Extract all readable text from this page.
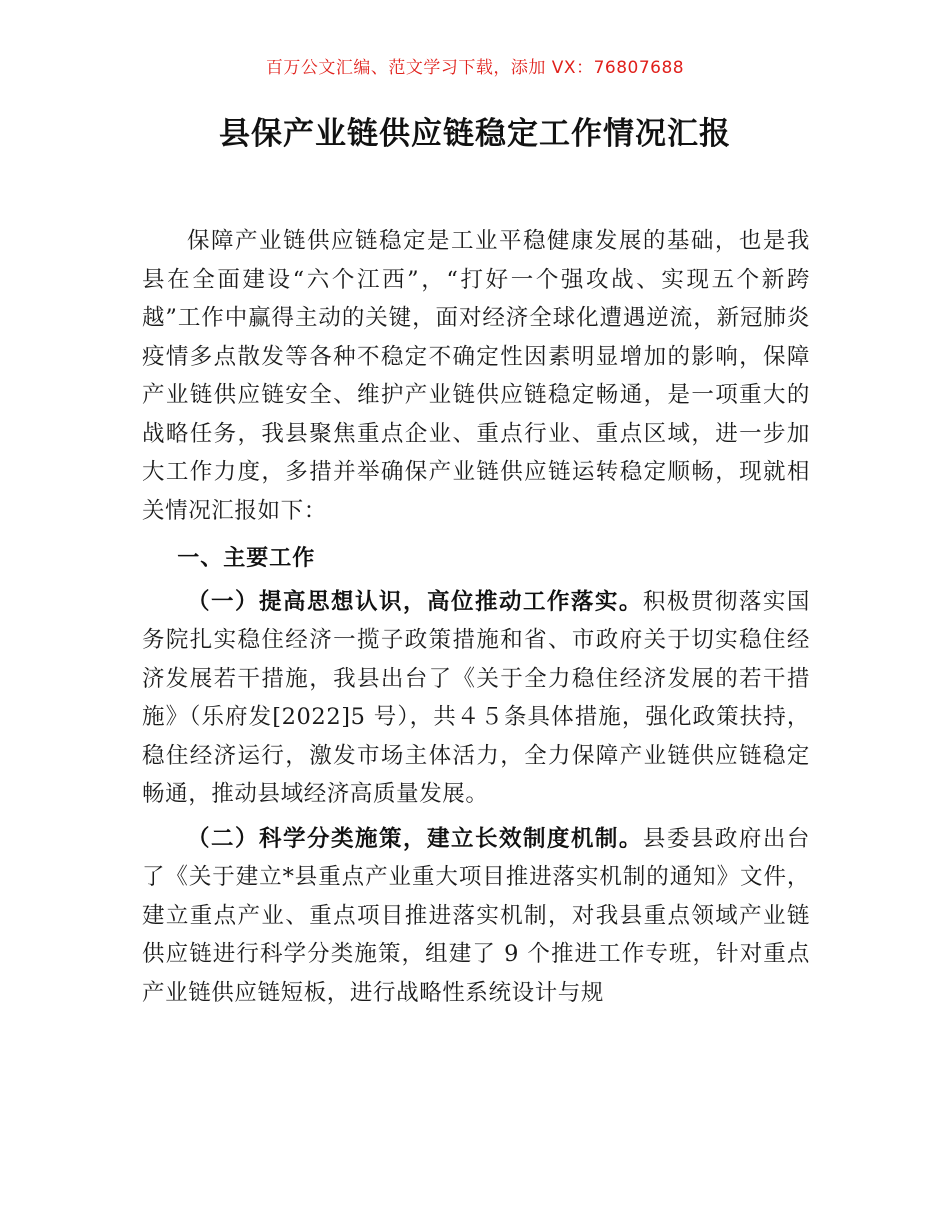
百万公文汇编、范文学习下载，添加 VX：76807688
县保产业链供应链稳定工作情况汇报

保障产业链供应链稳定是工业平稳健康发展的基础，也是我县在全面建设“六个江西”，“打好一个强攻战、实现五个新跨越”工作中赢得主动的关键，面对经济全球化遭遇逆流，新冠肺炎疫情多点散发等各种不稳定不确定性因素明显增加的影响，保障产业链供应链安全、维护产业链供应链稳定畅通，是一项重大的战略任务，我县聚焦重点企业、重点行业、重点区域，进一步加大工作力度，多措并举确保产业链供应链运转稳定顺畅，现就相关情况汇报如下：

一、主要工作

（一）提高思想认识，高位推动工作落实。积极贯彻落实国务院扎实稳住经济一揽子政策措施和省、市政府关于切实稳住经济发展若干措施，我县出台了《关于全力稳住经济发展的若干措施》（乐府发[2022]5 号），共４５条具体措施，强化政策扶持，稳住经济运行，激发市场主体活力，全力保障产业链供应链稳定畅通，推动县域经济高质量发展。

（二）科学分类施策，建立长效制度机制。县委县政府出台了《关于建立*县重点产业重大项目推进落实机制的通知》文件，建立重点产业、重点项目推进落实机制，对我县重点领域产业链供应链进行科学分类施策，组建了 9 个推进工作专班，针对重点产业链供应链短板，进行战略性系统设计与规
